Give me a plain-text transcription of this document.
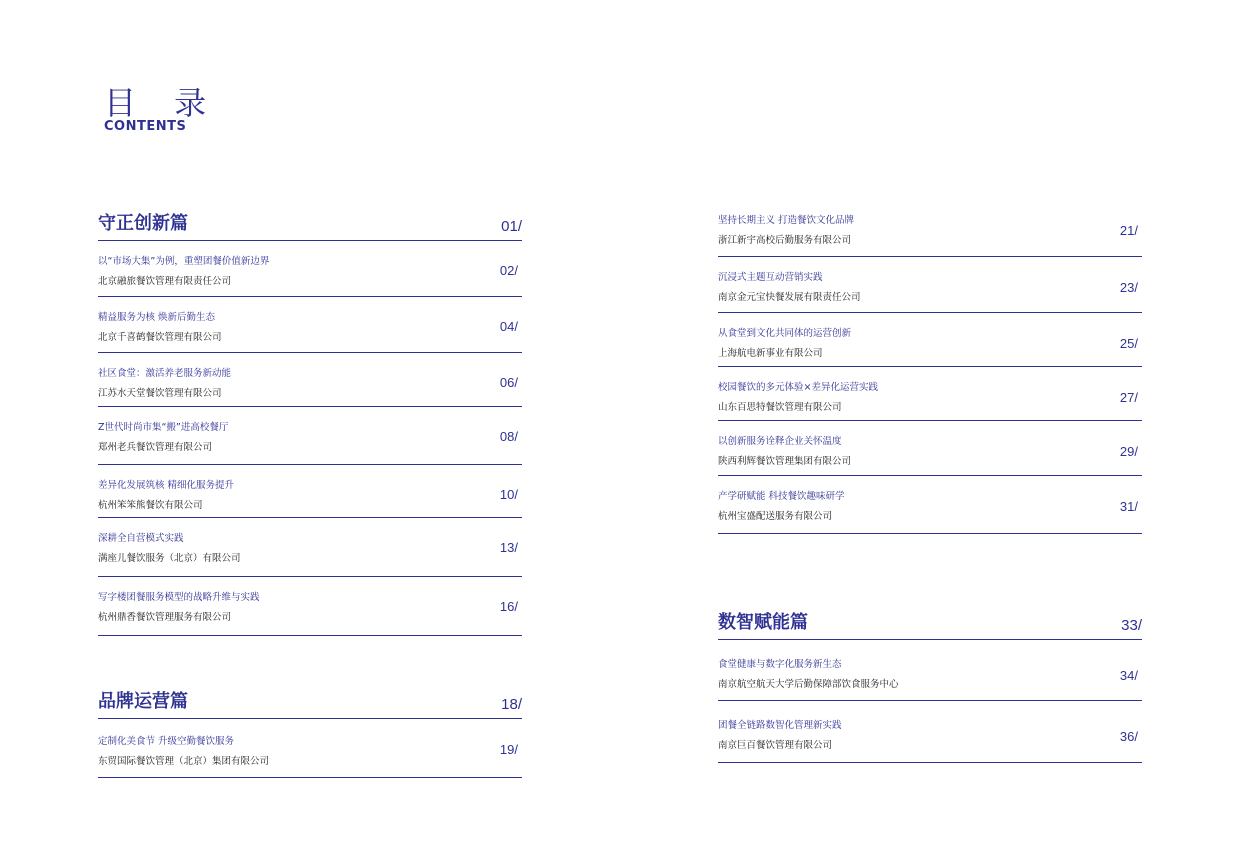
目 录
CONTENTS
守正创新篇	01/
以“市场大集”为例，重塑团餐价值新边界
北京融旅餐饮管理有限责任公司
02/
精益服务为核 焕新后勤生态
北京千喜鹤餐饮管理有限公司
04/
社区食堂：激活养老服务新动能
江苏水天堂餐饮管理有限公司
06/
Z世代时尚市集“搬”进高校餐厅
郑州老兵餐饮管理有限公司
08/
差异化发展筑核 精细化服务提升
杭州笨笨熊餐饮有限公司
10/
深耕全自营模式实践
满座儿餐饮服务（北京）有限公司
13/
写字楼团餐服务模型的战略升维与实践
杭州鼎香餐饮管理服务有限公司
16/
品牌运营篇	18/
定制化美食节 升级空勤餐饮服务
东贸国际餐饮管理（北京）集团有限公司
19/
坚持长期主义 打造餐饮文化品牌
浙江新宇高校后勤服务有限公司
21/
沉浸式主题互动营销实践
南京金元宝快餐发展有限责任公司
23/
从食堂到文化共同体的运营创新
上海航电新事业有限公司
25/
校园餐饮的多元体验×差异化运营实践
山东百思特餐饮管理有限公司
27/
以创新服务诠释企业关怀温度
陕西利辉餐饮管理集团有限公司
29/
产学研赋能 科技餐饮趣味研学
杭州宝盛配送服务有限公司
31/
数智赋能篇	33/
食堂健康与数字化服务新生态
南京航空航天大学后勤保障部饮食服务中心
34/
团餐全链路数智化管理新实践
南京巨百餐饮管理有限公司
36/
